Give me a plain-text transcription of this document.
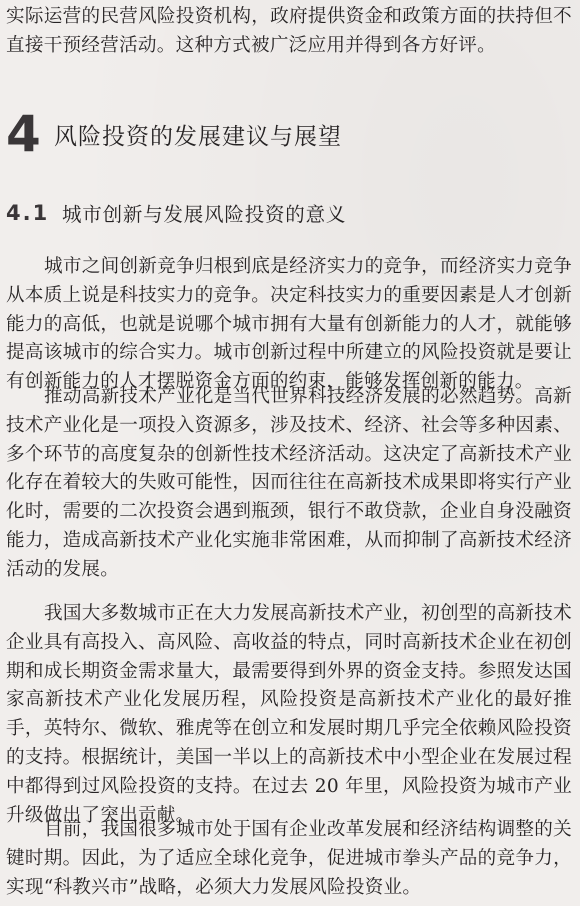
实际运营的民营风险投资机构，政府提供资金和政策方面的扶持但不直接干预经营活动。这种方式被广泛应用并得到各方好评。

4 风险投资的发展建议与展望
4.1 城市创新与发展风险投资的意义

城市之间创新竞争归根到底是经济实力的竞争，而经济实力竞争从本质上说是科技实力的竞争。决定科技实力的重要因素是人才创新能力的高低，也就是说哪个城市拥有大量有创新能力的人才，就能够提高该城市的综合实力。城市创新过程中所建立的风险投资就是要让有创新能力的人才摆脱资金方面的约束，能够发挥创新的能力。

推动高新技术产业化是当代世界科技经济发展的必然趋势。高新技术产业化是一项投入资源多，涉及技术、经济、社会等多种因素、多个环节的高度复杂的创新性技术经济活动。这决定了高新技术产业化存在着较大的失败可能性，因而往往在高新技术成果即将实行产业化时，需要的二次投资会遇到瓶颈，银行不敢贷款，企业自身没融资能力，造成高新技术产业化实施非常困难，从而抑制了高新技术经济活动的发展。

我国大多数城市正在大力发展高新技术产业，初创型的高新技术企业具有高投入、高风险、高收益的特点，同时高新技术企业在初创期和成长期资金需求量大，最需要得到外界的资金支持。参照发达国家高新技术产业化发展历程，风险投资是高新技术产业化的最好推手，英特尔、微软、雅虎等在创立和发展时期几乎完全依赖风险投资的支持。根据统计，美国一半以上的高新技术中小型企业在发展过程中都得到过风险投资的支持。在过去 20 年里，风险投资为城市产业升级做出了突出贡献。

目前，我国很多城市处于国有企业改革发展和经济结构调整的关键时期。因此，为了适应全球化竞争，促进城市拳头产品的竞争力，实现“科教兴市”战略，必须大力发展风险投资业。
